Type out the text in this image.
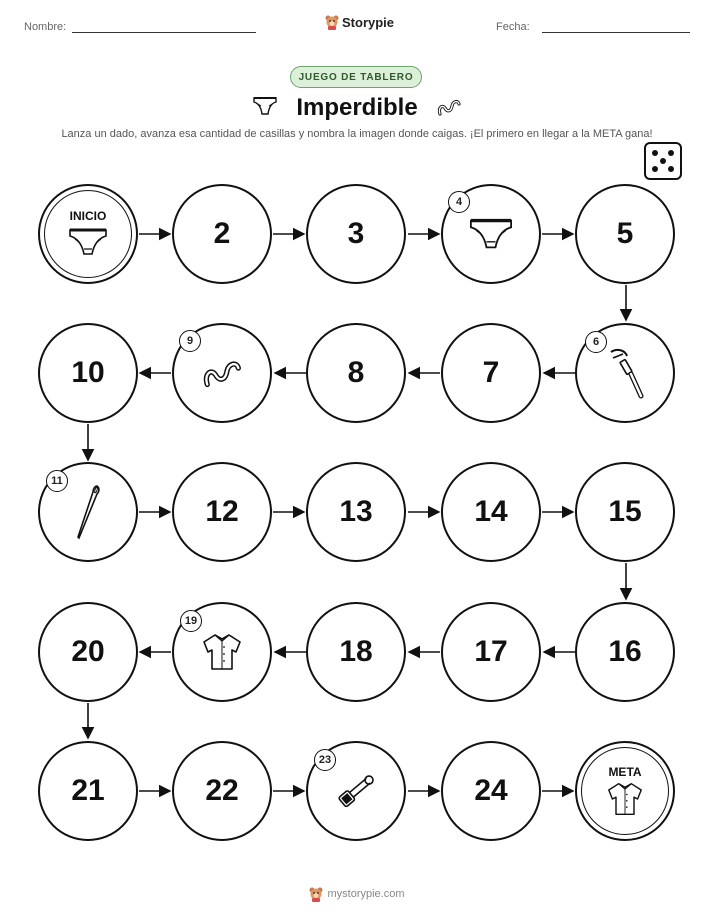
Nombre:	Storypie	Fecha:
JUEGO DE TABLERO
Imperdible
Lanza un dado, avanza esa cantidad de casillas y nombra la imagen donde caigas. ¡El primero en llegar a la META gana!
INICIO
2	3
4
5
10
9
8	7
6
11
12	13	14	15
20
19
18	17	16
21	22
23
24
META
mystorypie.com
